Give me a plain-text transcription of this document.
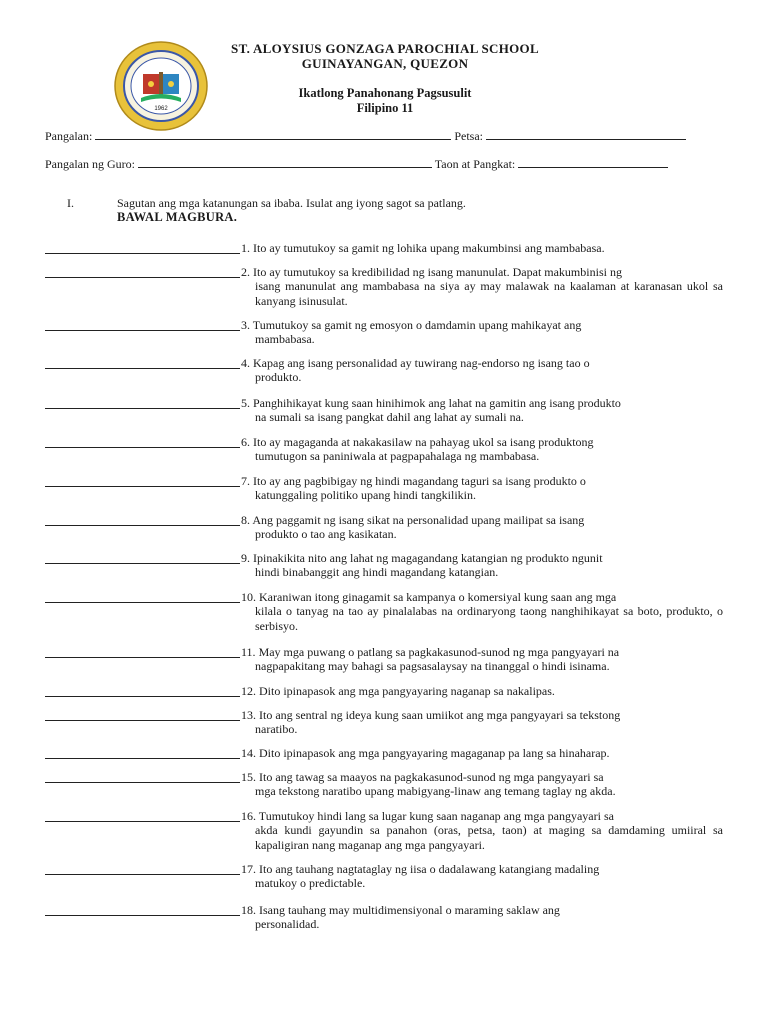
1962
ST. ALOYSIUS GONZAGA PAROCHIAL SCHOOL
GUINAYANGAN, QUEZON
Ikatlong Panahonang Pagsusulit
Filipino 11
Pangalan:	Petsa:
Pangalan ng Guro:	Taon at Pangkat:
I.	Sagutan ang mga katanungan sa ibaba. Isulat ang iyong sagot sa patlang.
BAWAL MAGBURA.
1. Ito ay tumutukoy sa gamit ng lohika upang makumbinsi ang mambabasa.
2. Ito ay tumutukoy sa kredibilidad ng isang manunulat. Dapat makumbinisi ng
isang manunulat ang mambabasa na siya ay may malawak na kaalaman at karanasan ukol sa kanyang isinusulat.
3. Tumutukoy sa gamit ng emosyon o damdamin upang mahikayat ang
mambabasa.
4. Kapag ang isang personalidad ay tuwirang nag-endorso ng isang tao o
produkto.
5. Panghihikayat kung saan hinihimok ang lahat na gamitin ang isang produkto
na sumali sa isang pangkat dahil ang lahat ay sumali na.
6. Ito ay magaganda at nakakasilaw na pahayag ukol sa isang produktong
tumutugon sa paniniwala at pagpapahalaga ng mambabasa.
7. Ito ay ang pagbibigay ng hindi magandang taguri sa isang produkto o
katunggaling politiko upang hindi tangkilikin.
8. Ang paggamit ng isang sikat na personalidad upang mailipat sa isang
produkto o tao ang kasikatan.
9. Ipinakikita nito ang lahat ng magagandang katangian ng produkto ngunit
hindi binabanggit ang hindi magandang katangian.
10. Karaniwan itong ginagamit sa kampanya o komersiyal kung saan ang mga
kilala o tanyag na tao ay pinalalabas na ordinaryong taong nanghihikayat sa boto, produkto, o serbisyo.
11. May mga puwang o patlang sa pagkakasunod-sunod ng mga pangyayari na
nagpapakitang may bahagi sa pagsasalaysay na tinanggal o hindi isinama.
12. Dito ipinapasok ang mga pangyayaring naganap sa nakalipas.
13. Ito ang sentral ng ideya kung saan umiikot ang mga pangyayari sa tekstong
naratibo.
14. Dito ipinapasok ang mga pangyayaring magaganap pa lang sa hinaharap.
15. Ito ang tawag sa maayos na pagkakasunod-sunod ng mga pangyayari sa
mga tekstong naratibo upang mabigyang-linaw ang temang taglay ng akda.
16. Tumutukoy hindi lang sa lugar kung saan naganap ang mga pangyayari sa
akda kundi gayundin sa panahon (oras, petsa, taon) at maging sa damdaming umiiral sa kapaligiran nang maganap ang mga pangyayari.
17. Ito ang tauhang nagtataglay ng iisa o dadalawang katangiang madaling
matukoy o predictable.
18. Isang tauhang may multidimensiyonal o maraming saklaw ang
personalidad.
